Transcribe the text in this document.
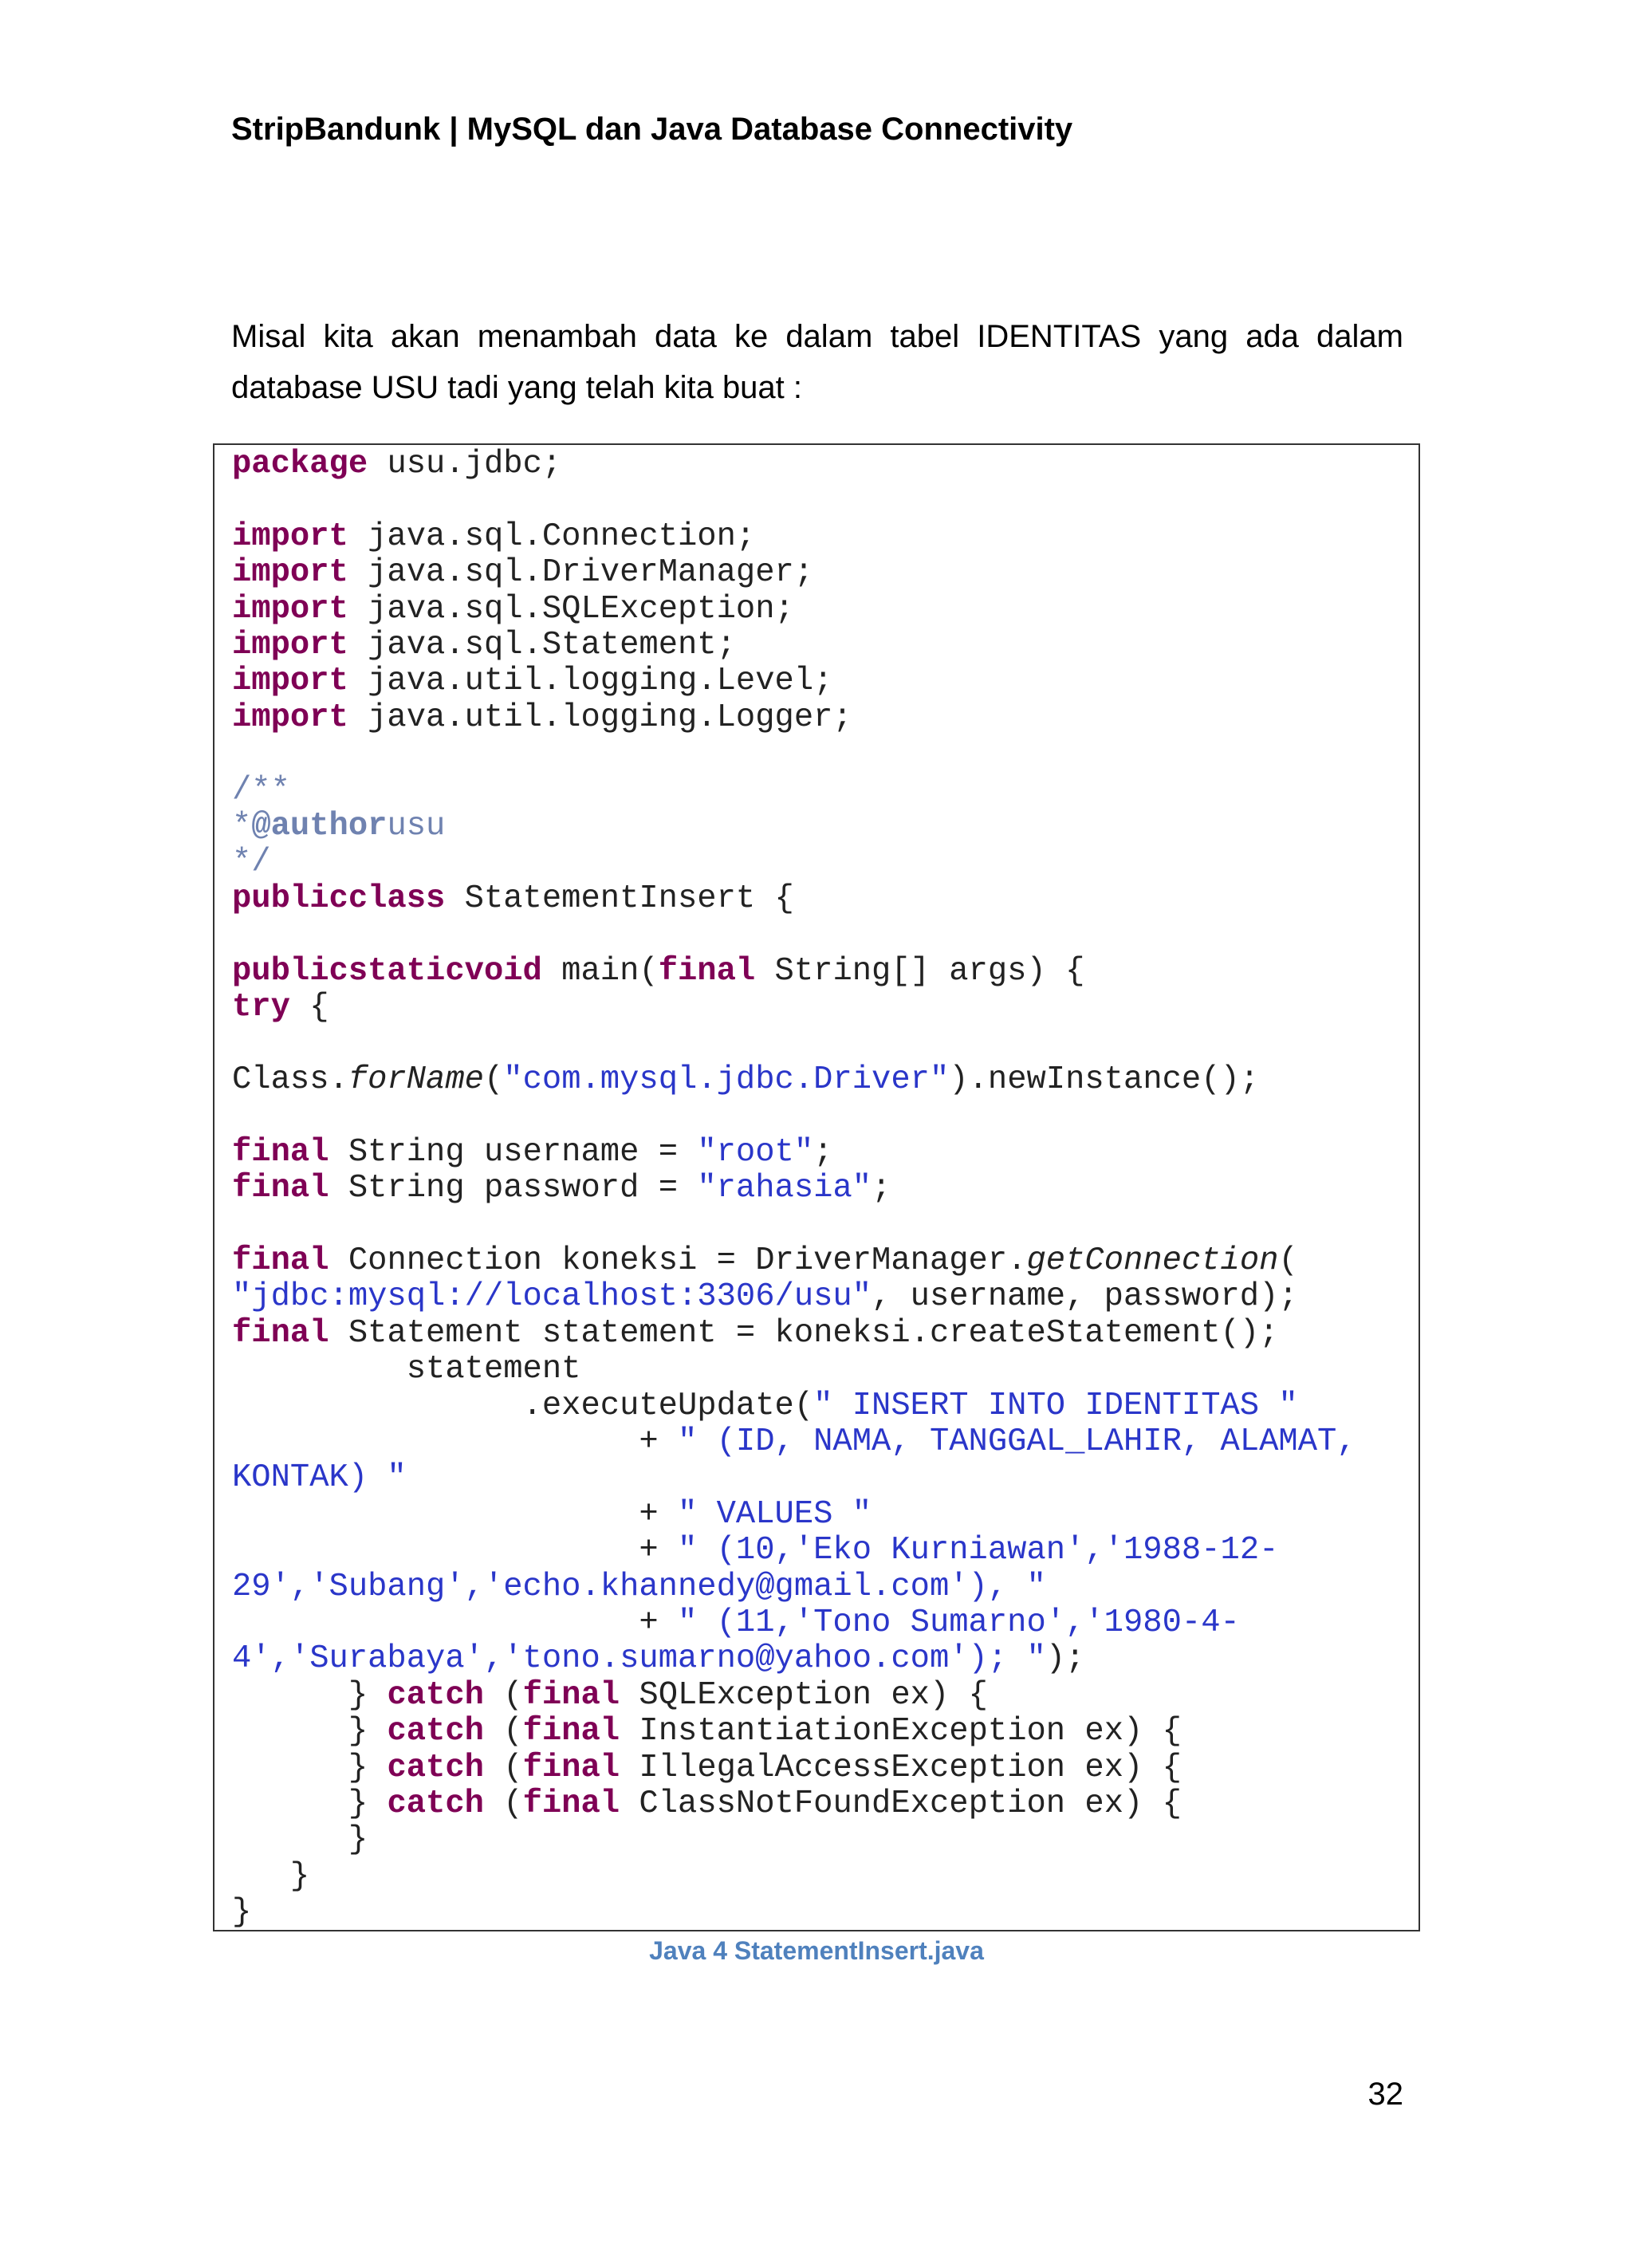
StripBandunk | MySQL dan Java Database Connectivity
Misal kita akan menambah data ke dalam tabel IDENTITAS yang ada dalam database USU tadi yang telah kita buat :
package usu.jdbc;

import java.sql.Connection;
import java.sql.DriverManager;
import java.sql.SQLException;
import java.sql.Statement;
import java.util.logging.Level;
import java.util.logging.Logger;

/**
*@authorusu
*/
publicclass StatementInsert {

publicstaticvoid main(final String[] args) {
try {

Class.forName("com.mysql.jdbc.Driver").newInstance();

final String username = "root";
final String password = "rahasia";

final Connection koneksi = DriverManager.getConnection(
"jdbc:mysql://localhost:3306/usu", username, password);
final Statement statement = koneksi.createStatement();
statement
.executeUpdate(" INSERT INTO IDENTITAS "
+ " (ID, NAMA, TANGGAL_LAHIR, ALAMAT,
KONTAK) "
+ " VALUES "
+ " (10,'Eko Kurniawan','1988-12-
29','Subang','echo.khannedy@gmail.com'), "
+ " (11,'Tono Sumarno','1980-4-
4','Surabaya','tono.sumarno@yahoo.com'); ");
} catch (final SQLException ex) {
} catch (final InstantiationException ex) {
} catch (final IllegalAccessException ex) {
} catch (final ClassNotFoundException ex) {
}
}
}
Java 4 StatementInsert.java
32
